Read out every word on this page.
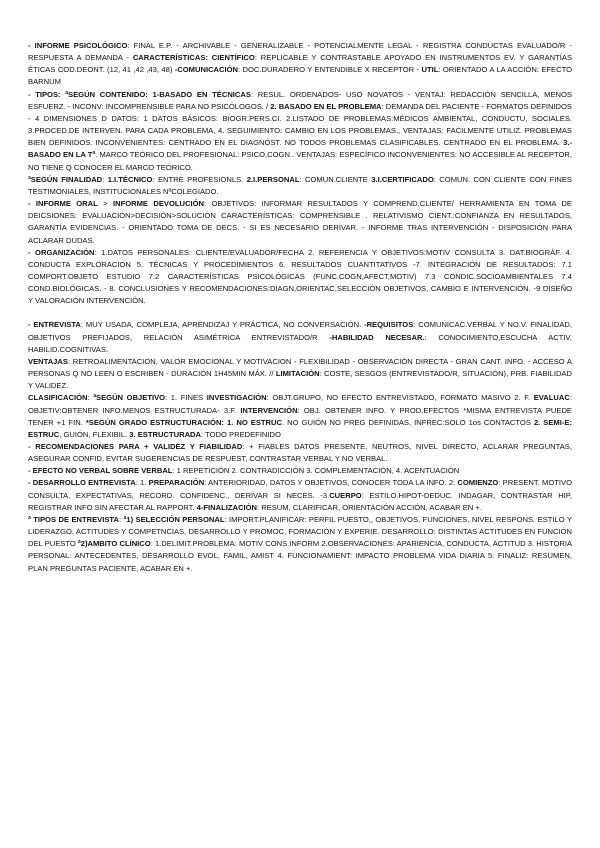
- INFORME PSICOLÓGICO: FINAL E.P. - ARCHIVABLE - GENERALIZABLE - POTENCIALMENTE LEGAL - REGISTRA CONDUCTAS EVALUADO/R - RESPUESTA A DEMANDA - CARACTERÍSTICAS: CIENTÍFICO: REPLICABLE Y CONTRASTABLE APOYADO EN INSTRUMENTOS EV. Y GARANTÍAS ÉTICAS COD.DEONT. (12, 41 ,42 ,43, 48) -COMUNICACIÓN: DOC.DURADERO Y ENTENDIBLE X RECEPTOR - UTIL: ORIENTADO A LA ACCIÓN: EFECTO BARNUM

- TIPOS: ªSEGÚN CONTENIDO: 1-BASADO EN TÉCNICAS: RESUL. ORDENADOS- USO NOVATOS - VENTAJ: REDACCIÓN SENCILLA, MENOS ESFUERZ. - INCONV: INCOMPRENSIBLE PARA NO PSICÓLOGOS. / 2. BASADO EN EL PROBLEMA: DEMANDA DEL PACIENTE - FORMATOS DEFINIDOS - 4 DIMENSIONES D DATOS: 1 DATOS BÁSICOS: BIOGR.PERS.CI. 2.LISTADO DE PROBLEMAS:MÉDICOS AMBIENTAL, CONDUCTU, SOCIALES. 3.PROCED.DE INTERVEN. PARA CADA PROBLEMA, 4. SEGUIMIENTO: CAMBIO EN LOS PROBLEMAS,, VENTAJAS: FACILMENTE UTILIZ. PROBLEMAS BIEN DEFINIDOS. INCONVENIENTES: CENTRADO EN EL DIAGNÓST. NO TODOS PROBLEMAS CLASIFICABLES. CENTRADO EN EL PROBLEMA. 3.- BASADO EN LA Tª. MARCO TEÓRICO DEL PROFESIONAL: PSICO,COGN.. VENTAJAS: ESPECÍFICO INCONVENIENTES: NO ACCESIBLE AL RECEPTOR, NO TIENE Q CONOCER EL MARCO TEÓRICO.

ªSEGÚN FINALIDAD: 1.I.TÉCNICO: ENTRE PROFESIONLS. 2.I.PERSONAL: COMUN.CLIENTE 3.I.CERTIFICADO: COMUN. CON CLIENTE CON FINES TESTIMONIALES, INSTITUCIONALES NºCOLEGIADO.

- INFORME ORAL > INFORME DEVOLUCIÓN: OBJETIVOS: INFORMAR RESULTADOS Y COMPREND.CLIENTE/ HERRAMIENTA EN TOMA DE DEICSIONES: EVALUACIÓN>DECISIÓN>SOLUCIÓN CARACTERÍSTICAS: COMPRENSIBLE . RELATIVISMO CIENT.:CONFIANZA EN RESULTADOS, GARANTÍA EVIDENCIAS. - ORIENTADO TOMA DE DECS. - SI ES NECESARIO DERIVAR. - INFORME TRAS INTERVENCIÓN - DISPOSICIÓN PARA ACLARAR DUDAS.

- ORGANIZACIÓN: 1.DATOS PERSONALES: CLIENTE/EVALUADOR/FECHA 2. REFERENCIA Y OBJETIVOS:MOTIV CONSULTA 3. DAT.BIOGRÁF. 4. CONDUCTA EXPLORACIÓN 5. TÉCNICAS Y PROCEDIMIENTOS 6. RESULTADOS CUANTITATIVOS -7. INTEGRACIÓN DE RESULTADOS: 7.1 COMPORT.OBJETO ESTUDIO 7.2 CARACTERÍSTICAS PSICOLÓGICAS (FUNC.COGN,AFECT,MOTIV) 7.3 CONDIC.SOCIOAMBIENTALES 7.4 COND.BIOLÓGICAS. - 8. CONCLUSIONES Y RECOMENDACIONES:DIAGN,ORIENTAC,SELECCIÓN OBJETIVOS, CAMBIO E INTERVENCIÓN. -9 DISEÑO Y VALORACIÓN INTERVENCIÓN.

- ENTREVISTA: MUY USADA, COMPLEJA, APRENDIZAJ Y PRÁCTICA, NO CONVERSACIÓN. -REQUISITOS: COMUNICAC.VERBAL Y NO.V. FINALIDAD, OBJETIVOS PREFIJADOS, RELACIÓN ASIMÉTRICA ENTREVISTADO/R -HABILIDAD NECESAR.: CONOCIMIENTO,ESCUCHA ACTIV, HABILID.COGNITIVAS.

VENTAJAS: RETROALIMENTACION, VALOR EMOCIONAL Y MOTIVACION - FLEXIBILIDAD - OBSERVACIÓN DIRECTA - GRAN CANT. INFO. - ACCESO A PERSONAS Q NO LEEN O ESCRIBEN - DURACIÓN 1H45MIN MÁX. // LIMITACIÓN: COSTE, SESGOS (ENTREVISTADO/R, SITUACIÓN), PRB. FIABILIDAD Y VALIDEZ.

CLASIFICACIÓN: ªSEGÚN OBJETIVO: 1. FINES INVESTIGACIÓN: OBJT.GRUPO, NO EFECTO ENTREVISTADO, FORMATO MASIVO 2. F. EVALUAC: OBJETIV:OBTENER INFO.MENOS ESTRUCTURADA- 3.F. INTERVENCIÓN: OBJ. OBTENER INFO. Y PROD.EFECTOS *MISMA ENTREVISTA PUEDE TENER +1 FIN. *SEGÚN GRADO ESTRUCTURACIÓN: 1. NO ESTRUC. NO GUIÓN NO PREG DEFINIDAS, INFREC:SOLO 1os CONTACTOS 2. SEMI-E: ESTRUC, GUIÓN, FLEXIBIL. 3. ESTRUCTURADA: TODO PREDEFINIDO

- RECOMENDACIONES PARA + VALIDEZ Y FIABILIDAD: + FIABLES DATOS PRESENTE, NEUTROS, NIVEL DIRECTO, ACLARAR PREGUNTAS, ASEGURAR CONFID, EVITAR SUGERENCIAS DE RESPUEST, CONTRASTAR VERBAL Y NO VERBAL.

- EFECTO NO VERBAL SOBRE VERBAL: 1 REPETICIÓN 2. CONTRADICCIÓN 3. COMPLEMENTACIÓN, 4. ACENTUACIÓN

- DESARROLLO ENTREVISTA: 1. PREPARACIÓN: ANTERIORIDAD, DATOS Y OBJETIVOS, CONOCER TODA LA INFO. 2: COMIENZO: PRESENT. MOTIVO CONSULTA, EXPECTATIVAS, RECORD. CONFIDENC., DERIVAR SI NECES. -3.CUERPO: ESTILO.HIPOT-DEDUC. INDAGAR, CONTRASTAR HIP, REGISTRAR INFO SIN AFECTAR AL RAPPORT. 4-FINALIZACIÓN: RESUM, CLARIFICAR, ORIENTACIÓN ACCIÓN, ACABAR EN +.

ª TIPOS DE ENTREVISTA: ª1) SELECCIÓN PERSONAL: IMPORT.PLANIFICAR: PERFIL PUESTO,, OBJETIVOS, FUNCIONES, NIVEL RESPONS. ESTILO Y LIDERAZGO, ACTITUDES Y COMPETNCIAS, DESARROLLO Y PROMOC, FORMACIÓN Y EXPERIE. DESARROLLO: DISTINTAS ACTITUDES EN FUNCIÓN DEL PUESTO ª2)AMBITO CLÍNICO: 1.DELIMIT.PROBLEMA: MOTIV CONS.INFORM 2.OBSERVACIONES: APARIENCIA, CONDUCTA, ACTITUD 3. HISTORIA PERSONAL: ANTECEDENTES, DESARROLLO EVOL, FAMIL, AMIST 4. FUNCIONAMIENT: IMPACTO PROBLEMA VIDA DIARIA 5: FINALIZ: RESUMEN, PLAN PREGUNTAS PACIENTE, ACABAR EN +.
